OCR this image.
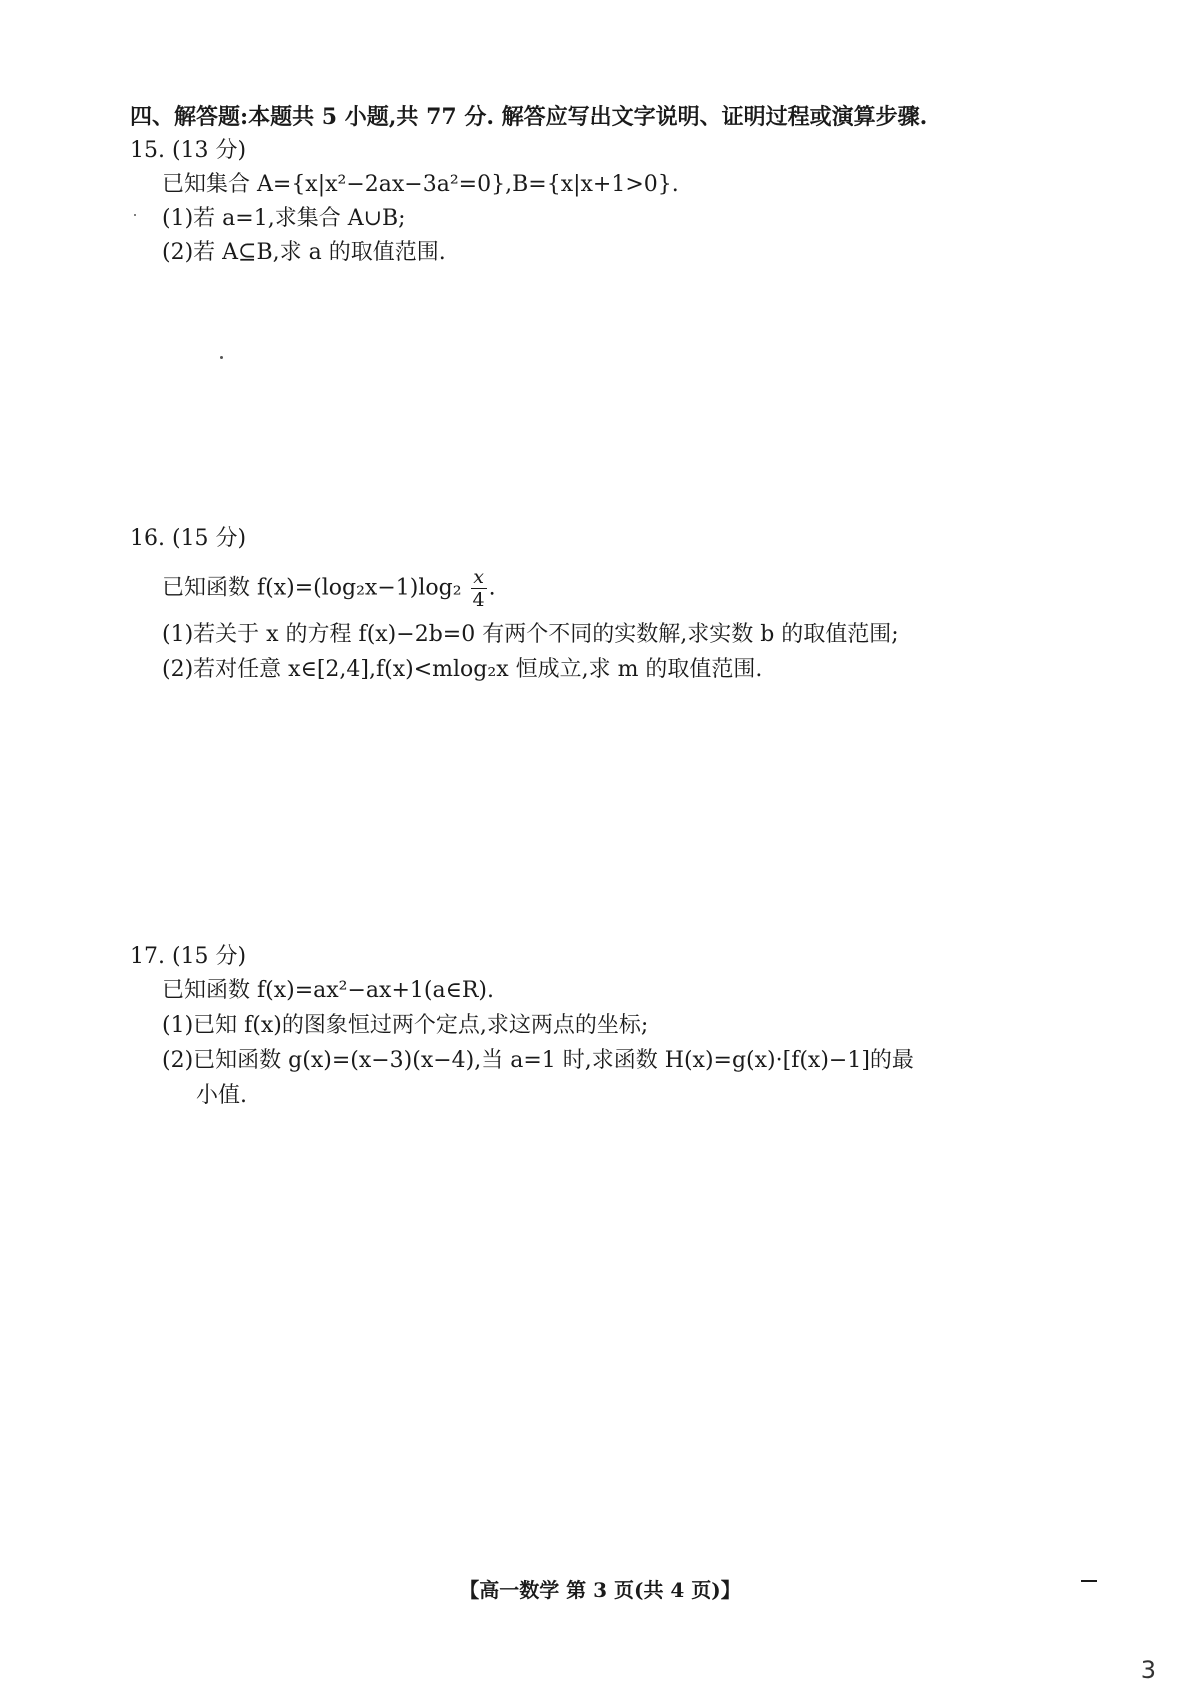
四、解答题:本题共 5 小题,共 77 分. 解答应写出文字说明、证明过程或演算步骤.
15. (13 分)
已知集合 A={x|x²−2ax−3a²=0},B={x|x+1>0}.
(1)若 a=1,求集合 A∪B;
(2)若 A⊆B,求 a 的取值范围.
16. (15 分)
已知函数 $f(x)=(\log_2x-1)\log_2 \frac{x}{4}$ .
(1)若关于 x 的方程 f(x)−2b=0 有两个不同的实数解,求实数 b 的取值范围;
(2)若对任意 x∈[2,4],f(x)<mlog₂x 恒成立,求 m 的取值范围.
17. (15 分)
已知函数 f(x)=ax²−ax+1(a∈R).
(1)已知 f(x)的图象恒过两个定点,求这两点的坐标;
(2)已知函数 g(x)=(x−3)(x−4),当 a=1 时,求函数 H(x)=g(x)·[f(x)−1]的最
小值.
【高一数学 第 3 页(共 4 页)】
3
